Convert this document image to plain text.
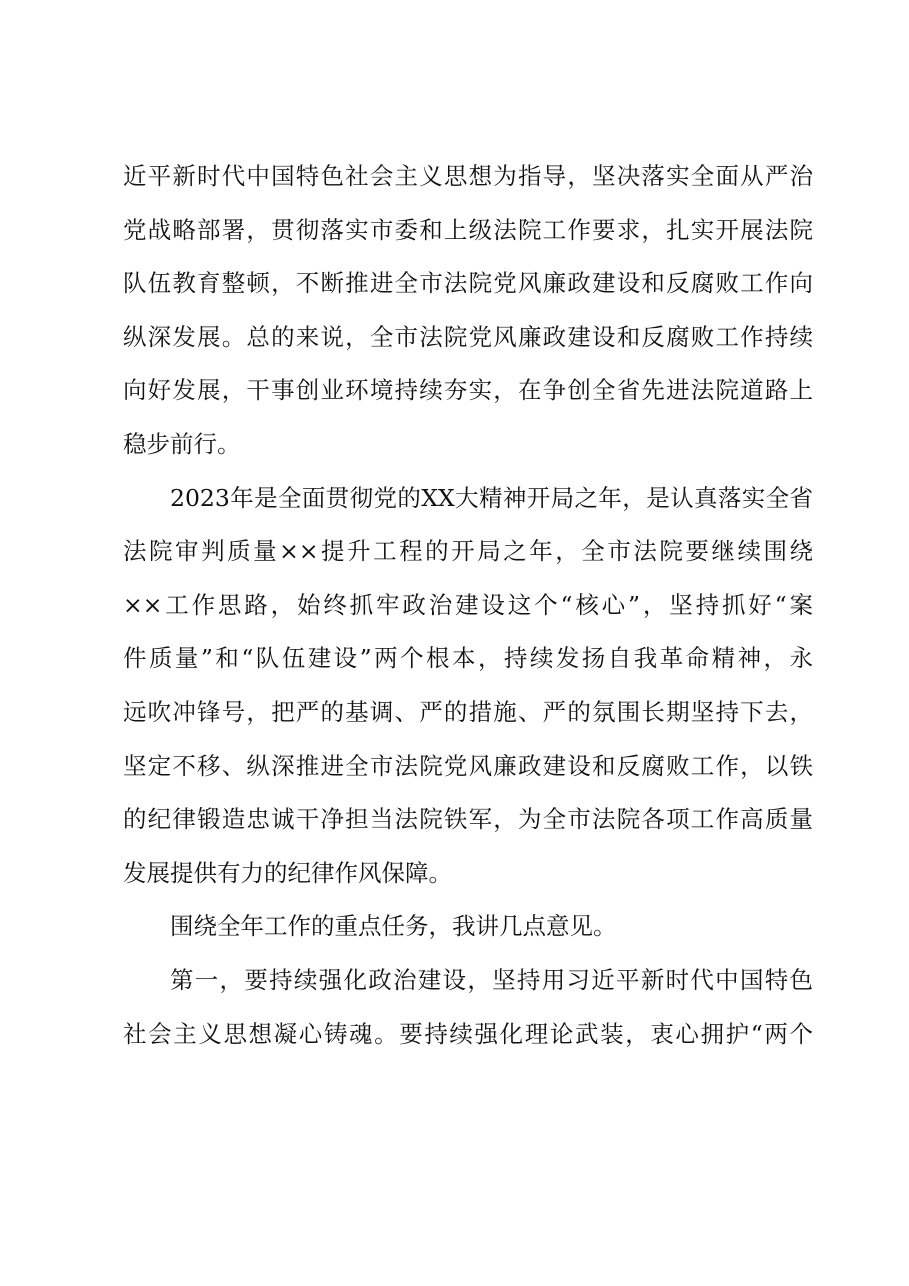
近平新时代中国特色社会主义思想为指导，坚决落实全面从严治
党战略部署，贯彻落实市委和上级法院工作要求，扎实开展法院
队伍教育整顿，不断推进全市法院党风廉政建设和反腐败工作向
纵深发展。总的来说，全市法院党风廉政建设和反腐败工作持续
向好发展，干事创业环境持续夯实，在争创全省先进法院道路上
稳步前行。
2023年是全面贯彻党的XX大精神开局之年，是认真落实全省
法院审判质量××提升工程的开局之年，全市法院要继续围绕
××工作思路，始终抓牢政治建设这个“核心”，坚持抓好“案
件质量”和“队伍建设”两个根本，持续发扬自我革命精神，永
远吹冲锋号，把严的基调、严的措施、严的氛围长期坚持下去，
坚定不移、纵深推进全市法院党风廉政建设和反腐败工作，以铁
的纪律锻造忠诚干净担当法院铁军，为全市法院各项工作高质量
发展提供有力的纪律作风保障。
围绕全年工作的重点任务，我讲几点意见。
第一，要持续强化政治建设，坚持用习近平新时代中国特色
社会主义思想凝心铸魂。要持续强化理论武装，衷心拥护“两个
